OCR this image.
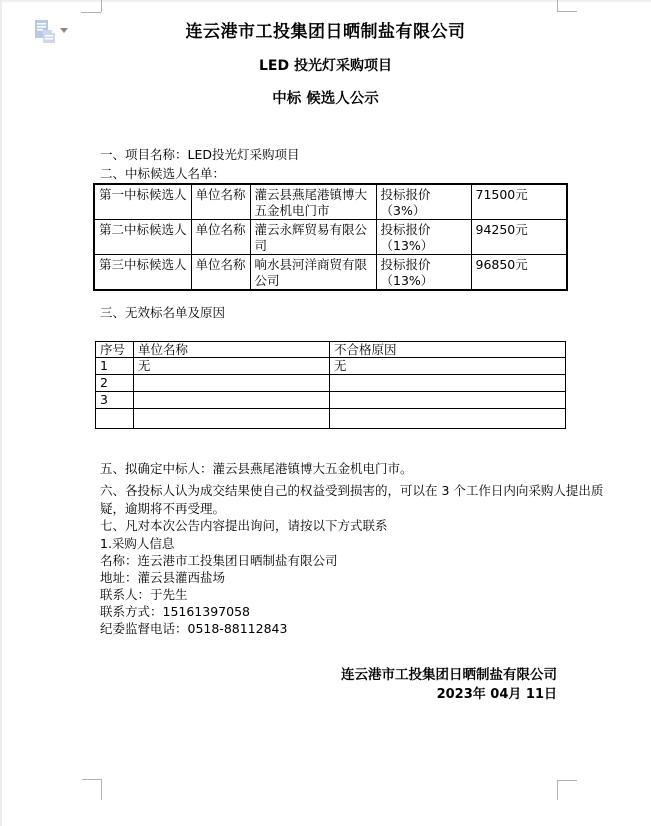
连云港市工投集团日晒制盐有限公司
LED 投光灯采购项目
中标 候选人公示
一、项目名称：LED投光灯采购项目
二、中标候选人名单：
第一中标候选人	单位名称	灌云县燕尾港镇博大五金机电门市	投标报价（3%）	71500元
第二中标候选人	单位名称	灌云永辉贸易有限公司	投标报价（13%）	94250元
第三中标候选人	单位名称	响水县河洋商贸有限公司	投标报价（13%）	96850元
三、无效标名单及原因
序号	单位名称	不合格原因
1	无	无
2		
3		

五、拟确定中标人：灌云县燕尾港镇博大五金机电门市。
六、各投标人认为成交结果使自己的权益受到损害的，可以在 3 个工作日内向采购人提出质
疑，逾期将不再受理。
七、凡对本次公告内容提出询问，请按以下方式联系
1.采购人信息
名称：连云港市工投集团日晒制盐有限公司
地址：灌云县灌西盐场
联系人：于先生
联系方式：15161397058
纪委监督电话：0518-88112843
连云港市工投集团日晒制盐有限公司
2023年 04月 11日
